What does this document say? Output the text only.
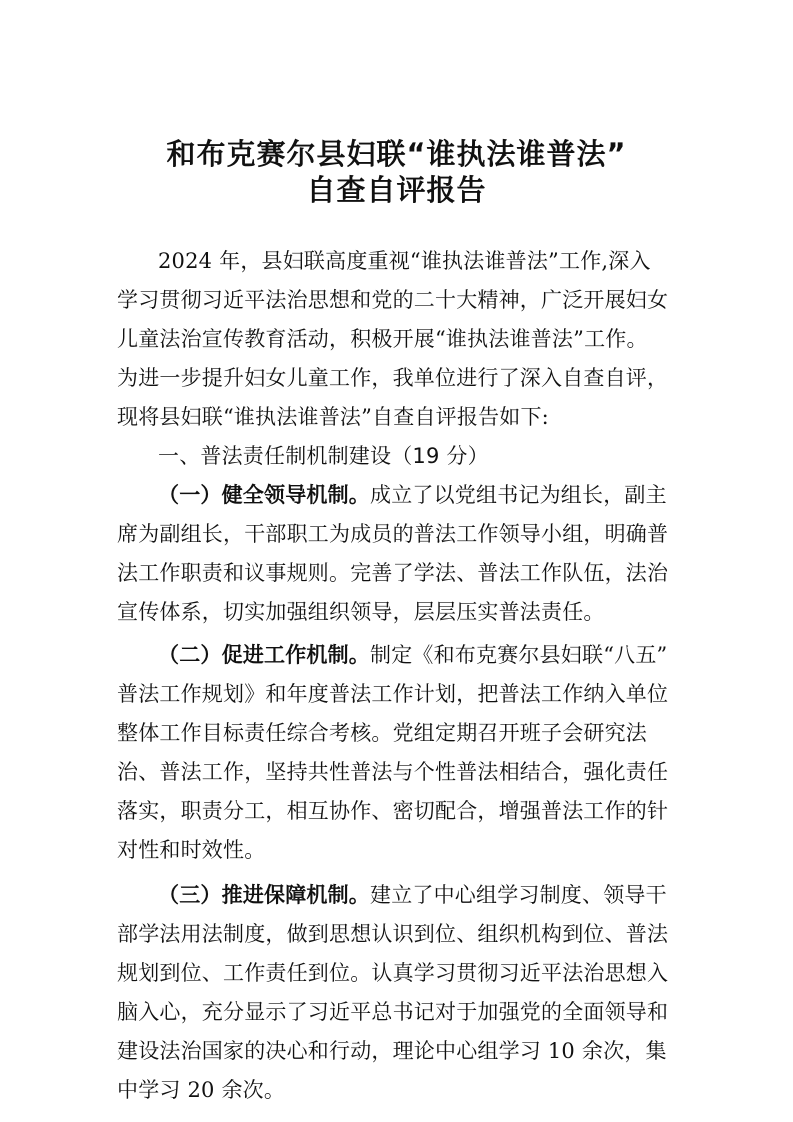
和布克赛尔县妇联“谁执法谁普法”
自查自评报告
2024 年，县妇联高度重视“谁执法谁普法”工作,深入
学习贯彻习近平法治思想和党的二十大精神，广泛开展妇女
儿童法治宣传教育活动，积极开展“谁执法谁普法”工作。
为进一步提升妇女儿童工作，我单位进行了深入自查自评，
现将县妇联“谁执法谁普法”自查自评报告如下:
一、普法责任制机制建设（19 分）
（一）健全领导机制。成立了以党组书记为组长，副主
席为副组长，干部职工为成员的普法工作领导小组，明确普
法工作职责和议事规则。完善了学法、普法工作队伍，法治
宣传体系，切实加强组织领导，层层压实普法责任。
（二）促进工作机制。制定《和布克赛尔县妇联“八五”
普法工作规划》和年度普法工作计划，把普法工作纳入单位
整体工作目标责任综合考核。党组定期召开班子会研究法
治、普法工作，坚持共性普法与个性普法相结合，强化责任
落实，职责分工，相互协作、密切配合，增强普法工作的针
对性和时效性。
（三）推进保障机制。建立了中心组学习制度、领导干
部学法用法制度，做到思想认识到位、组织机构到位、普法
规划到位、工作责任到位。认真学习贯彻习近平法治思想入
脑入心，充分显示了习近平总书记对于加强党的全面领导和
建设法治国家的决心和行动，理论中心组学习 10 余次，集
中学习 20 余次。
